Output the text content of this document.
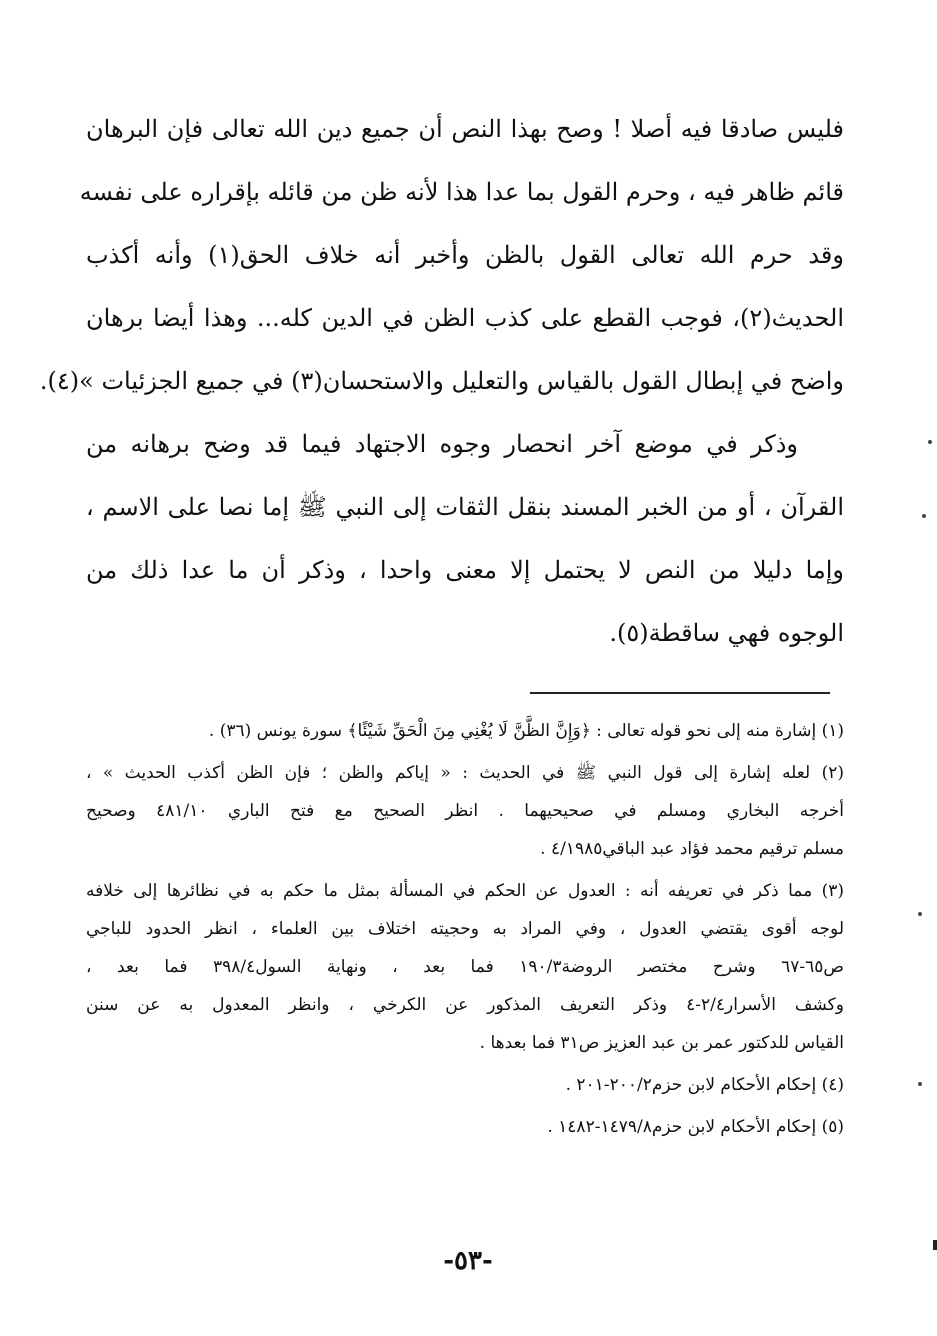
فليس صادقا فيه أصلا ! وصح بهذا النص أن جميع دين الله تعالى فإن البرهان
قائم ظاهر فيه ، وحرم القول بما عدا هذا لأنه ظن من قائله بإقراره على نفسه
وقد حرم الله تعالى القول بالظن وأخبر أنه خلاف الحق(١) وأنه أكذب
الحديث(٢)، فوجب القطع على كذب الظن في الدين كله... وهذا أيضا برهان
واضح في إبطال القول بالقياس والتعليل والاستحسان(٣) في جميع الجزئيات »(٤).
وذكر في موضع آخر انحصار وجوه الاجتهاد فيما قد وضح برهانه من
القرآن ، أو من الخبر المسند بنقل الثقات إلى النبي ﷺ إما نصا على الاسم ،
وإما دليلا من النص لا يحتمل إلا معنى واحدا ، وذكر أن ما عدا ذلك من
الوجوه فهي ساقطة(٥).
(١) إشارة منه إلى نحو قوله تعالى : ﴿وَإِنَّ الظَّنَّ لَا يُغْنِي مِنَ الْحَقِّ شَيْئًا﴾ سورة يونس (٣٦) .
(٢) لعله إشارة إلى قول النبي ﷺ في الحديث : « إياكم والظن ؛ فإن الظن أكذب الحديث » ،
أخرجه البخاري ومسلم في صحيحيهما . انظر الصحيح مع فتح الباري ٤٨١/١٠ وصحيح
مسلم ترقيم محمد فؤاد عبد الباقي٤/١٩٨٥ .
(٣) مما ذكر في تعريفه أنه : العدول عن الحكم في المسألة بمثل ما حكم به في نظائرها إلى خلافه
لوجه أقوى يقتضي العدول ، وفي المراد به وحجيته اختلاف بين العلماء ، انظر الحدود للباجي
ص٦٥-٦٧ وشرح مختصر الروضة١٩٠/٣ فما بعد ، ونهاية السول٣٩٨/٤ فما بعد ،
وكشف الأسرار٢/٤-٤ وذكر التعريف المذكور عن الكرخي ، وانظر المعدول به عن سنن
القياس للدكتور عمر بن عبد العزيز ص٣١ فما بعدها .
(٤) إحكام الأحكام لابن حزم٢٠٠/٢-٢٠١ .
(٥) إحكام الأحكام لابن حزم١٤٧٩/٨-١٤٨٢ .
-٥٣-
